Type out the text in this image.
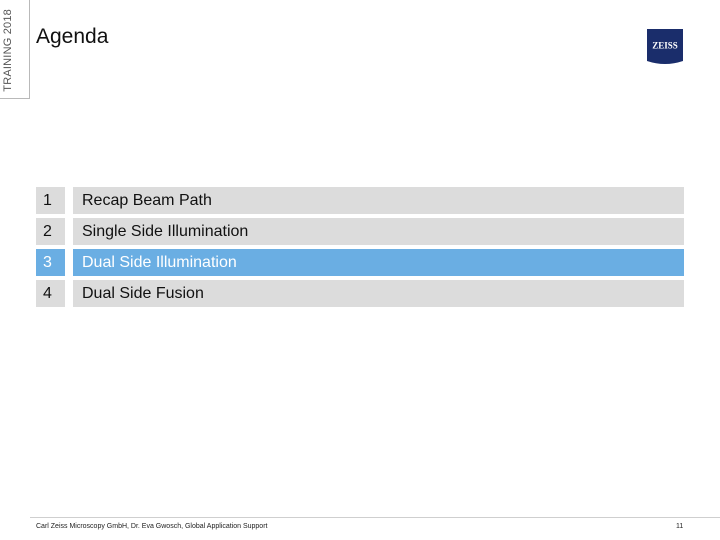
TRAINING 2018 Agenda	ZEISS
1	Recap Beam Path
2	Single Side Illumination
3	Dual Side Illumination
4	Dual Side Fusion
Carl Zeiss Microscopy GmbH, Dr. Eva Gwosch, Global Application Support	11
